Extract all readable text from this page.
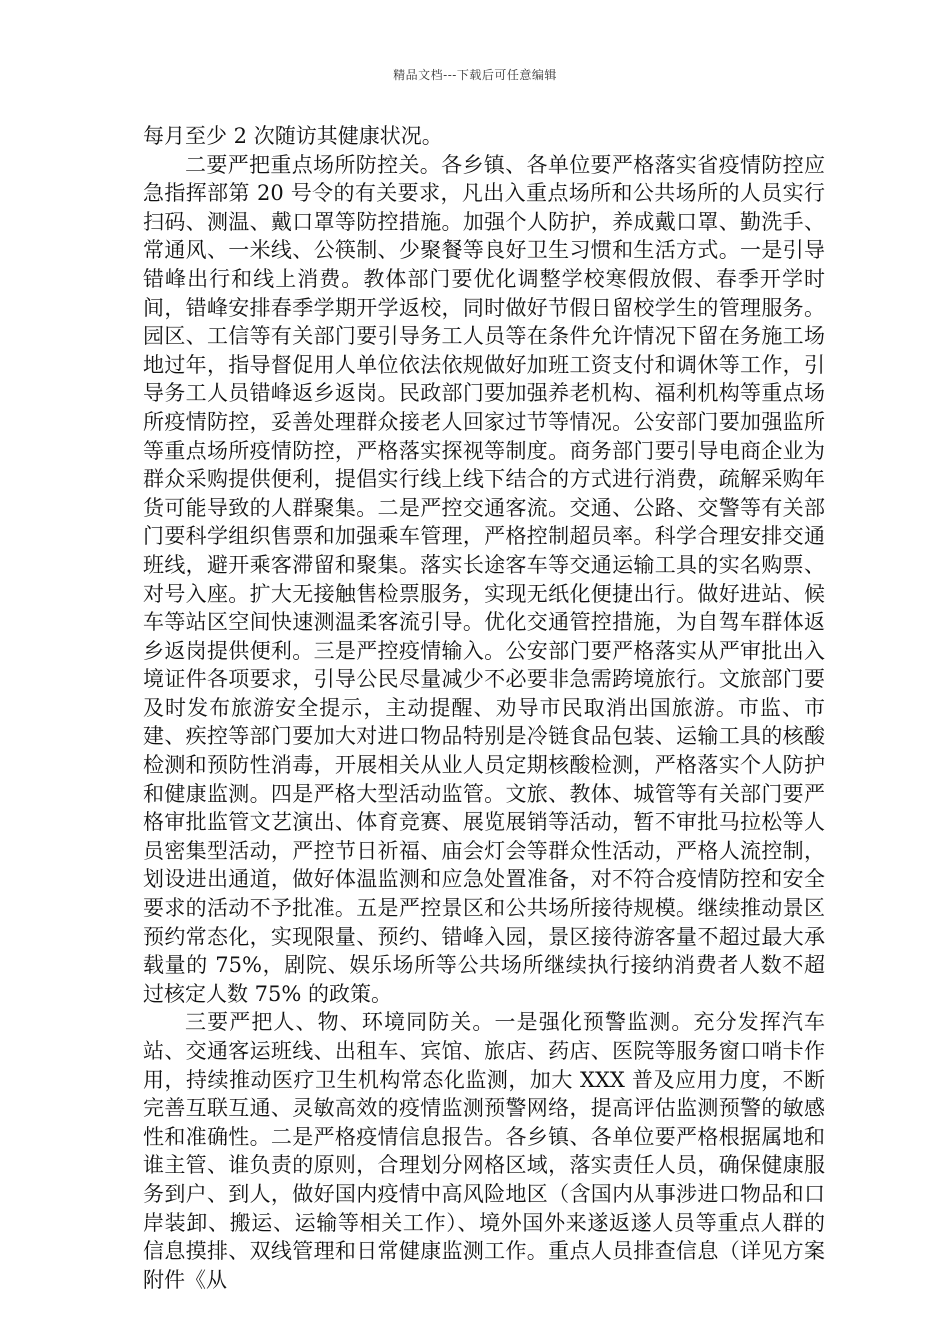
精品文档---下载后可任意编辑

每月至少 2 次随访其健康状况。

二要严把重点场所防控关。各乡镇、各单位要严格落实省疫情防控应急指挥部第 20 号令的有关要求，凡出入重点场所和公共场所的人员实行扫码、测温、戴口罩等防控措施。加强个人防护，养成戴口罩、勤洗手、常通风、一米线、公筷制、少聚餐等良好卫生习惯和生活方式。一是引导错峰出行和线上消费。教体部门要优化调整学校寒假放假、春季开学时间，错峰安排春季学期开学返校，同时做好节假日留校学生的管理服务。园区、工信等有关部门要引导务工人员等在条件允许情况下留在务施工场地过年，指导督促用人单位依法依规做好加班工资支付和调休等工作，引导务工人员错峰返乡返岗。民政部门要加强养老机构、福利机构等重点场所疫情防控，妥善处理群众接老人回家过节等情况。公安部门要加强监所等重点场所疫情防控，严格落实探视等制度。商务部门要引导电商企业为群众采购提供便利，提倡实行线上线下结合的方式进行消费，疏解采购年货可能导致的人群聚集。二是严控交通客流。交通、公路、交警等有关部门要科学组织售票和加强乘车管理，严格控制超员率。科学合理安排交通班线，避开乘客滞留和聚集。落实长途客车等交通运输工具的实名购票、对号入座。扩大无接触售检票服务，实现无纸化便捷出行。做好进站、候车等站区空间快速测温柔客流引导。优化交通管控措施，为自驾车群体返乡返岗提供便利。三是严控疫情输入。公安部门要严格落实从严审批出入境证件各项要求，引导公民尽量减少不必要非急需跨境旅行。文旅部门要及时发布旅游安全提示，主动提醒、劝导市民取消出国旅游。市监、市建、疾控等部门要加大对进口物品特别是冷链食品包装、运输工具的核酸检测和预防性消毒，开展相关从业人员定期核酸检测，严格落实个人防护和健康监测。四是严格大型活动监管。文旅、教体、城管等有关部门要严格审批监管文艺演出、体育竞赛、展览展销等活动，暂不审批马拉松等人员密集型活动，严控节日祈福、庙会灯会等群众性活动，严格人流控制，划设进出通道，做好体温监测和应急处置准备，对不符合疫情防控和安全要求的活动不予批准。五是严控景区和公共场所接待规模。继续推动景区预约常态化，实现限量、预约、错峰入园，景区接待游客量不超过最大承载量的 75%，剧院、娱乐场所等公共场所继续执行接纳消费者人数不超过核定人数 75% 的政策。

三要严把人、物、环境同防关。一是强化预警监测。充分发挥汽车站、交通客运班线、出租车、宾馆、旅店、药店、医院等服务窗口哨卡作用，持续推动医疗卫生机构常态化监测，加大 XXX 普及应用力度，不断完善互联互通、灵敏高效的疫情监测预警网络，提高评估监测预警的敏感性和准确性。二是严格疫情信息报告。各乡镇、各单位要严格根据属地和谁主管、谁负责的原则，合理划分网格区域，落实责任人员，确保健康服务到户、到人，做好国内疫情中高风险地区（含国内从事涉进口物品和口岸装卸、搬运、运输等相关工作）、境外国外来遂返遂人员等重点人群的信息摸排、双线管理和日常健康监测工作。重点人员排查信息（详见方案附件《从
